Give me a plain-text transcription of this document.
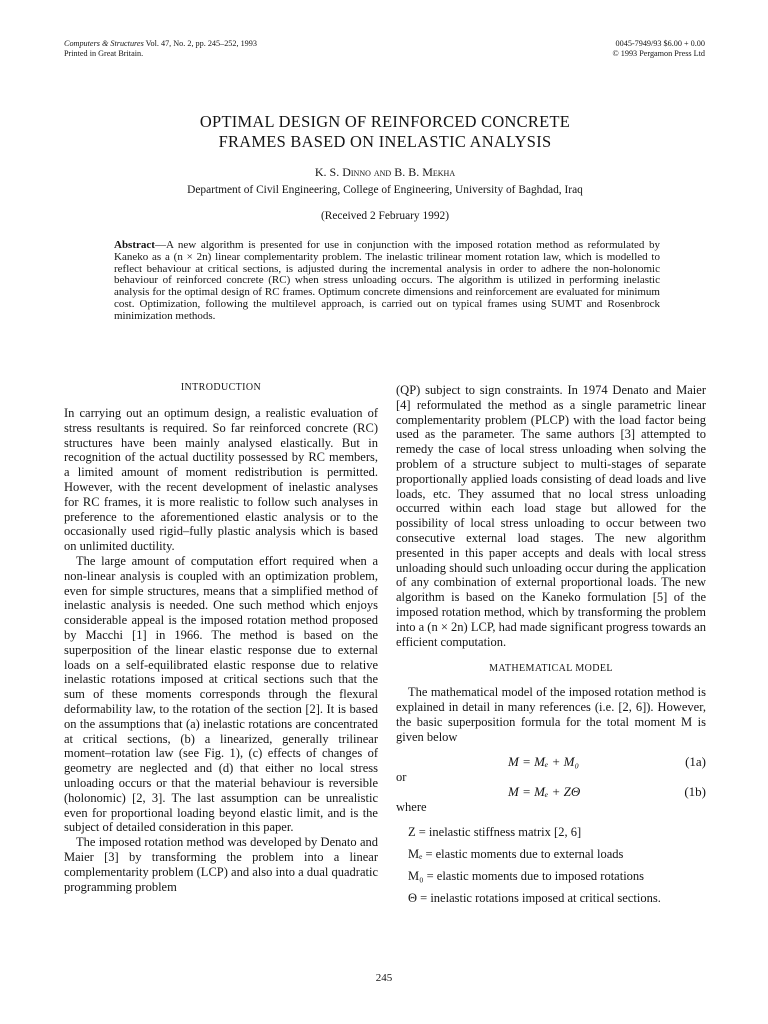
Computers & Structures Vol. 47, No. 2, pp. 245–252, 1993
Printed in Great Britain.
0045-7949/93 $6.00 + 0.00
© 1993 Pergamon Press Ltd
OPTIMAL DESIGN OF REINFORCED CONCRETE
FRAMES BASED ON INELASTIC ANALYSIS
K. S. Dinno and B. B. Mekha
Department of Civil Engineering, College of Engineering, University of Baghdad, Iraq
(Received 2 February 1992)
Abstract—A new algorithm is presented for use in conjunction with the imposed rotation method as reformulated by Kaneko as a (n × 2n) linear complementarity problem. The inelastic trilinear moment rotation law, which is modelled to reflect behaviour at critical sections, is adjusted during the incremental analysis in order to adhere the non-holonomic behaviour of reinforced concrete (RC) when stress unloading occurs. The algorithm is utilized in performing inelastic analysis for the optimal design of RC frames. Optimum concrete dimensions and reinforcement are evaluated for minimum cost. Optimization, following the multilevel approach, is carried out on typical frames using SUMT and Rosenbrock minimization methods.
INTRODUCTION

In carrying out an optimum design, a realistic evaluation of stress resultants is required. So far reinforced concrete (RC) structures have been mainly analysed elastically. But in recognition of the actual ductility possessed by RC members, a limited amount of moment redistribution is permitted. However, with the recent development of inelastic analyses for RC frames, it is more realistic to follow such analyses in preference to the aforementioned elastic analysis or to the occasionally used rigid–fully plastic analysis which is based on unlimited ductility.

The large amount of computation effort required when a non-linear analysis is coupled with an optimization problem, even for simple structures, means that a simplified method of inelastic analysis is needed. One such method which enjoys considerable appeal is the imposed rotation method proposed by Macchi [1] in 1966. The method is based on the superposition of the linear elastic response due to external loads on a self-equilibrated elastic response due to relative inelastic rotations imposed at critical sections such that the sum of these moments corresponds through the flexural deformability law, to the rotation of the section [2]. It is based on the assumptions that (a) inelastic rotations are concentrated at critical sections, (b) a linearized, generally trilinear moment–rotation law (see Fig. 1), (c) effects of changes of geometry are neglected and (d) that either no local stress unloading occurs or that the material behaviour is reversible (holonomic) [2, 3]. The last assumption can be unrealistic even for proportional loading beyond elastic limit, and is the subject of detailed consideration in this paper.

The imposed rotation method was developed by Denato and Maier [3] by transforming the problem into a linear complementarity problem (LCP) and also into a dual quadratic programming problem

(QP) subject to sign constraints. In 1974 Denato and Maier [4] reformulated the method as a single parametric linear complementarity problem (PLCP) with the load factor being used as the parameter. The same authors [3] attempted to remedy the case of local stress unloading when solving the problem of a structure subject to multi-stages of separate proportionally applied loads consisting of dead loads and live loads, etc. They assumed that no local stress unloading occurred within each load stage but allowed for the possibility of local stress unloading to occur between two consecutive external load stages. The new algorithm presented in this paper accepts and deals with local stress unloading should such unloading occur during the application of any combination of external proportional loads. The new algorithm is based on the Kaneko formulation [5] of the imposed rotation method, which by transforming the problem into a (n × 2n) LCP, had made significant progress towards an efficient computation.

MATHEMATICAL MODEL

The mathematical model of the imposed rotation method is explained in detail in many references (i.e. [2, 6]). However, the basic superposition formula for the total moment M is given below

M = Mₑ + M₀	(1a)
or
M = Mₑ + ZΘ	(1b)
where
Z = inelastic stiffness matrix [2, 6]
Mₑ = elastic moments due to external loads
M₀ = elastic moments due to imposed rotations
Θ = inelastic rotations imposed at critical sections.
245
